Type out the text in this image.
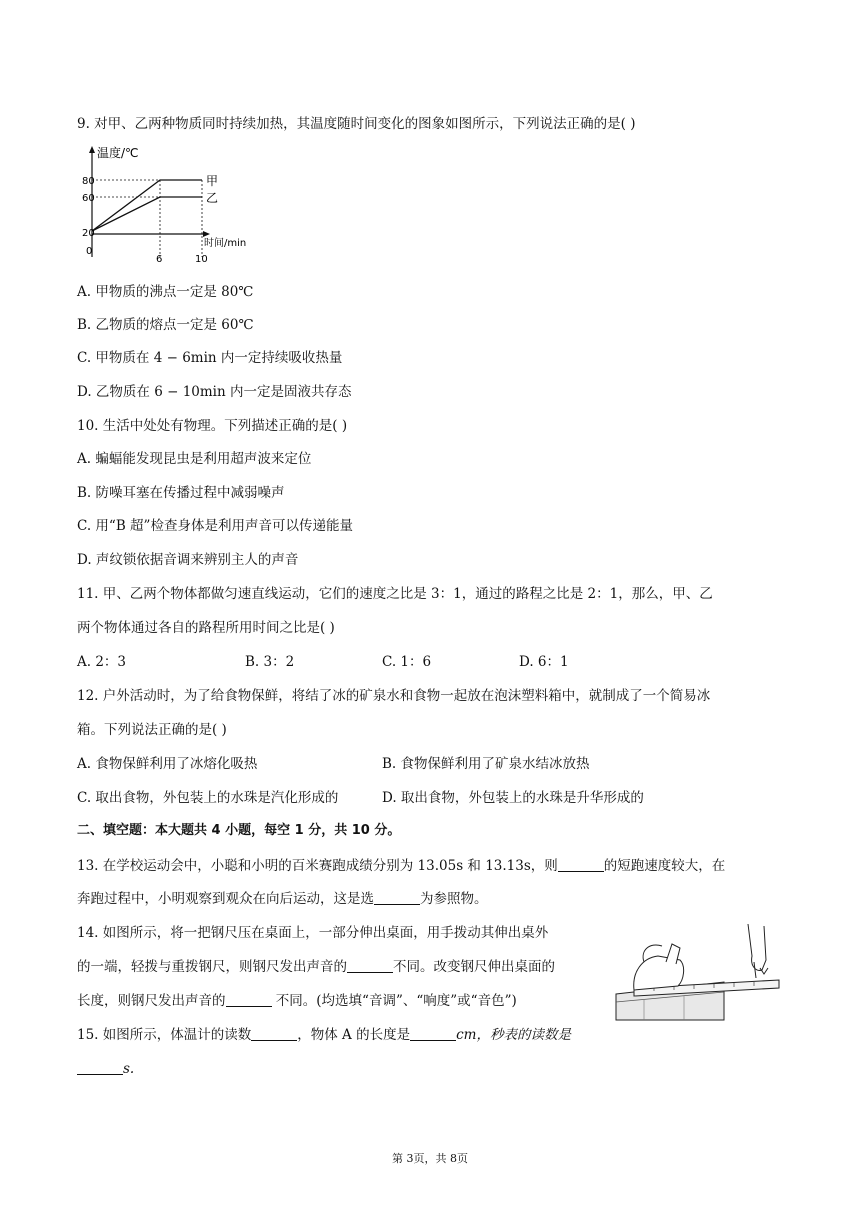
9. 对甲、乙两种物质同时持续加热，其温度随时间变化的图象如图所示，下列说法正确的是( )
温度/℃
80
60
20
0
6	10
甲
乙
时间/min
A. 甲物质的沸点一定是 80℃
B. 乙物质的熔点一定是 60℃
C. 甲物质在 4 − 6min 内一定持续吸收热量
D. 乙物质在 6 − 10min 内一定是固液共存态
10. 生活中处处有物理。下列描述正确的是( )
A. 蝙蝠能发现昆虫是利用超声波来定位
B. 防噪耳塞在传播过程中减弱噪声
C. 用“B 超”检查身体是利用声音可以传递能量
D. 声纹锁依据音调来辨别主人的声音
11. 甲、乙两个物体都做匀速直线运动，它们的速度之比是 3：1，通过的路程之比是 2：1，那么，甲、乙
两个物体通过各自的路程所用时间之比是( )
A. 2：3	B. 3：2	C. 1：6	D. 6：1
12. 户外活动时，为了给食物保鲜，将结了冰的矿泉水和食物一起放在泡沫塑料箱中，就制成了一个简易冰
箱。下列说法正确的是( )
A. 食物保鲜利用了冰熔化吸热	B. 食物保鲜利用了矿泉水结冰放热
C. 取出食物，外包装上的水珠是汽化形成的	D. 取出食物，外包装上的水珠是升华形成的
二、填空题：本大题共 4 小题，每空 1 分，共 10 分。
13. 在学校运动会中，小聪和小明的百米赛跑成绩分别为 13.05s 和 13.13s，则	的短跑速度较大，在
奔跑过程中，小明观察到观众在向后运动，这是选	为参照物。
14. 如图所示，将一把钢尺压在桌面上，一部分伸出桌面，用手拨动其伸出桌外
的一端，轻拨与重拨钢尺，则钢尺发出声音的	不同。改变钢尺伸出桌面的
长度，则钢尺发出声音的	不同。(均选填“音调”、“响度”或“音色”)
15. 如图所示，体温计的读数	，物体 A 的长度是	cm，秒表的读数是
s.
第 3页，共 8页
